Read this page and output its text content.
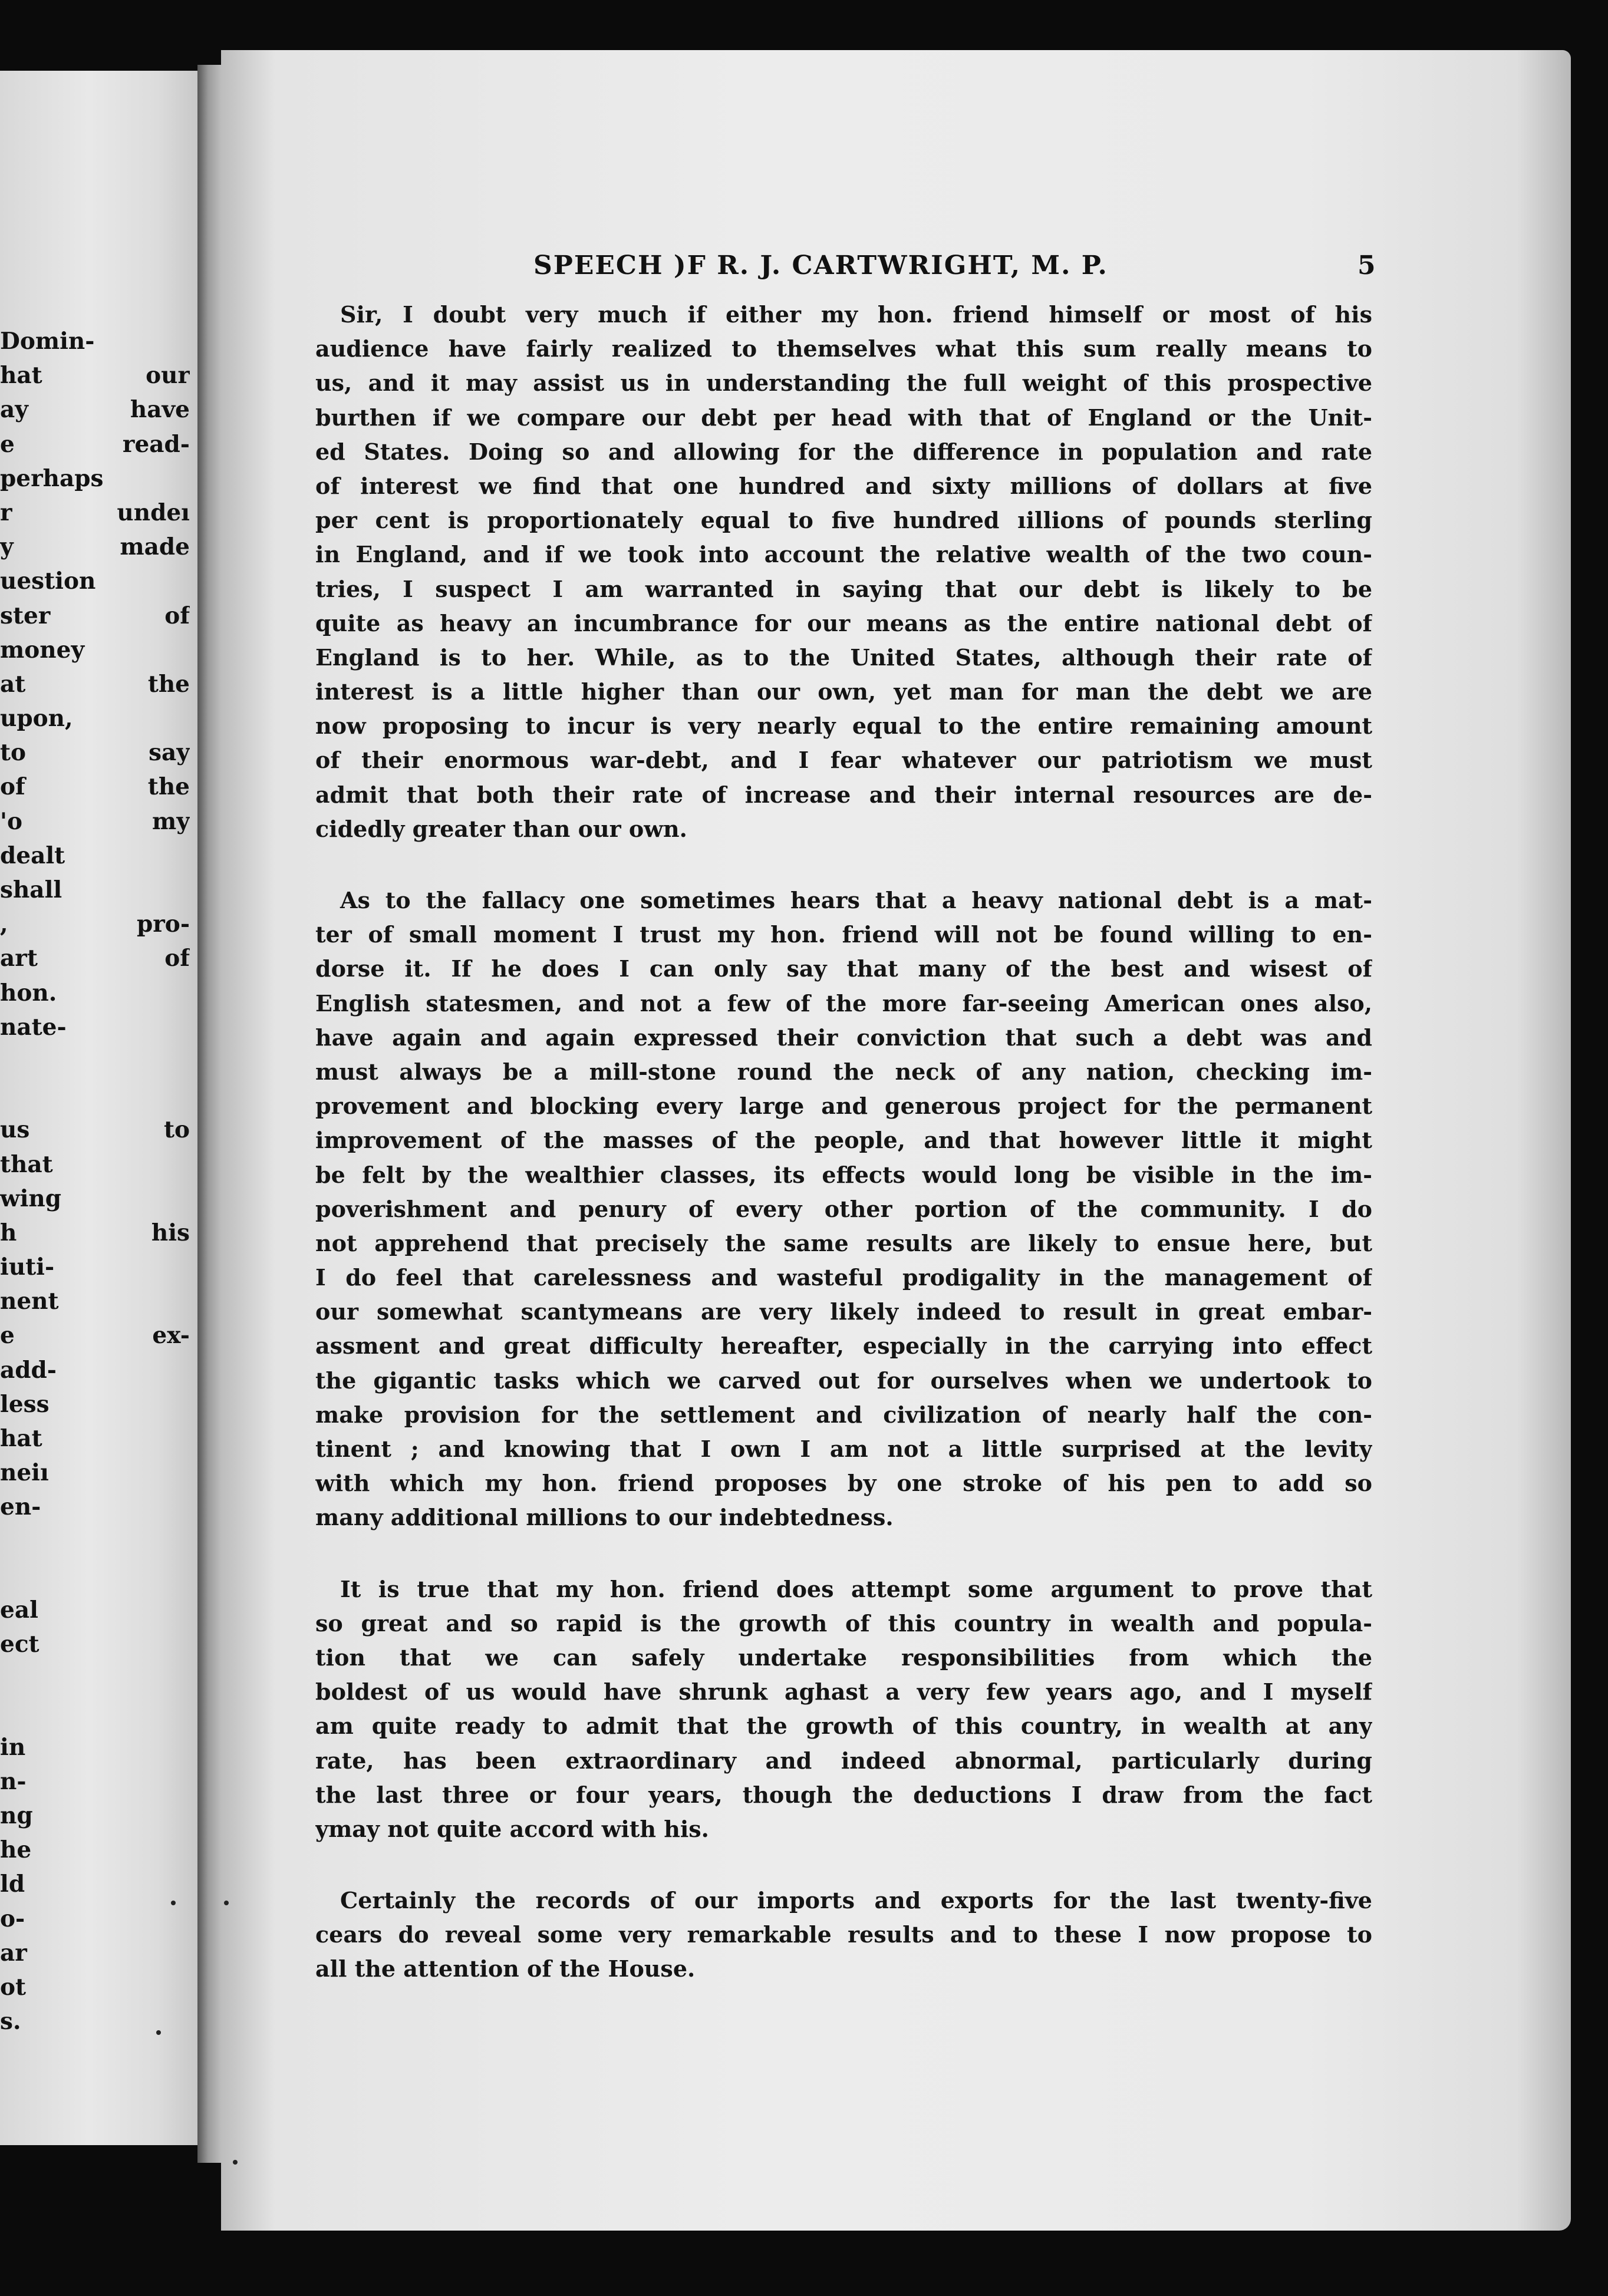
Domin-
hat our
ay have
e read-
perhaps
r undeı
y made
uestion
ster of
money
at the
upon,
to say
of the
'o my
dealt
shall
, pro-
art of
hon.
nate-
us to
that
wing
h his
iuti-
nent
e ex-
add-
less
hat
neiı
en-
eal
ect
in
n-
ng
he
ld
o-
ar
ot
s.
SPEECH )F R. J. CARTWRIGHT, M. P.	5
Sir, I doubt very much if either my hon. friend himself or most of his
audience have fairly realized to themselves what this sum really means to
us, and it may assist us in understanding the full weight of this prospective
burthen if we compare our debt per head with that of England or the Unit-
ed States. Doing so and allowing for the difference in population and rate
of interest we find that one hundred and sixty millions of dollars at five
per cent is proportionately equal to five hundred ıillions of pounds sterling
in England, and if we took into account the relative wealth of the two coun-
tries, I suspect I am warranted in saying that our debt is likely to be
quite as heavy an incumbrance for our means as the entire national debt of
England is to her. While, as to the United States, although their rate of
interest is a little higher than our own, yet man for man the debt we are
now proposing to incur is very nearly equal to the entire remaining amount
of their enormous war-debt, and I fear whatever our patriotism we must
admit that both their rate of increase and their internal resources are de-
cidedly greater than our own.
As to the fallacy one sometimes hears that a heavy national debt is a mat-
ter of small moment I trust my hon. friend will not be found willing to en-
dorse it. If he does I can only say that many of the best and wisest of
English statesmen, and not a few of the more far-seeing American ones also,
have again and again expressed their conviction that such a debt was and
must always be a mill-stone round the neck of any nation, checking im-
provement and blocking every large and generous project for the permanent
improvement of the masses of the people, and that however little it might
be felt by the wealthier classes, its effects would long be visible in the im-
poverishment and penury of every other portion of the community. I do
not apprehend that precisely the same results are likely to ensue here, but
I do feel that carelessness and wasteful prodigality in the management of
our somewhat scantymeans are very likely indeed to result in great embar-
assment and great difficulty hereafter, especially in the carrying into effect
the gigantic tasks which we carved out for ourselves when we undertook to
make provision for the settlement and civilization of nearly half the con-
tinent ; and knowing that I own I am not a little surprised at the levity
with which my hon. friend proposes by one stroke of his pen to add so
many additional millions to our indebtedness.
It is true that my hon. friend does attempt some argument to prove that
so great and so rapid is the growth of this country in wealth and popula-
tion that we can safely undertake responsibilities from which the
boldest of us would have shrunk aghast a very few years ago, and I myself
am quite ready to admit that the growth of this country, in wealth at any
rate, has been extraordinary and indeed abnormal, particularly during
the last three or four years, though the deductions I draw from the fact
ymay not quite accord with his.
Certainly the records of our imports and exports for the last twenty-five
cears do reveal some very remarkable results and to these I now propose to
all the attention of the House.
